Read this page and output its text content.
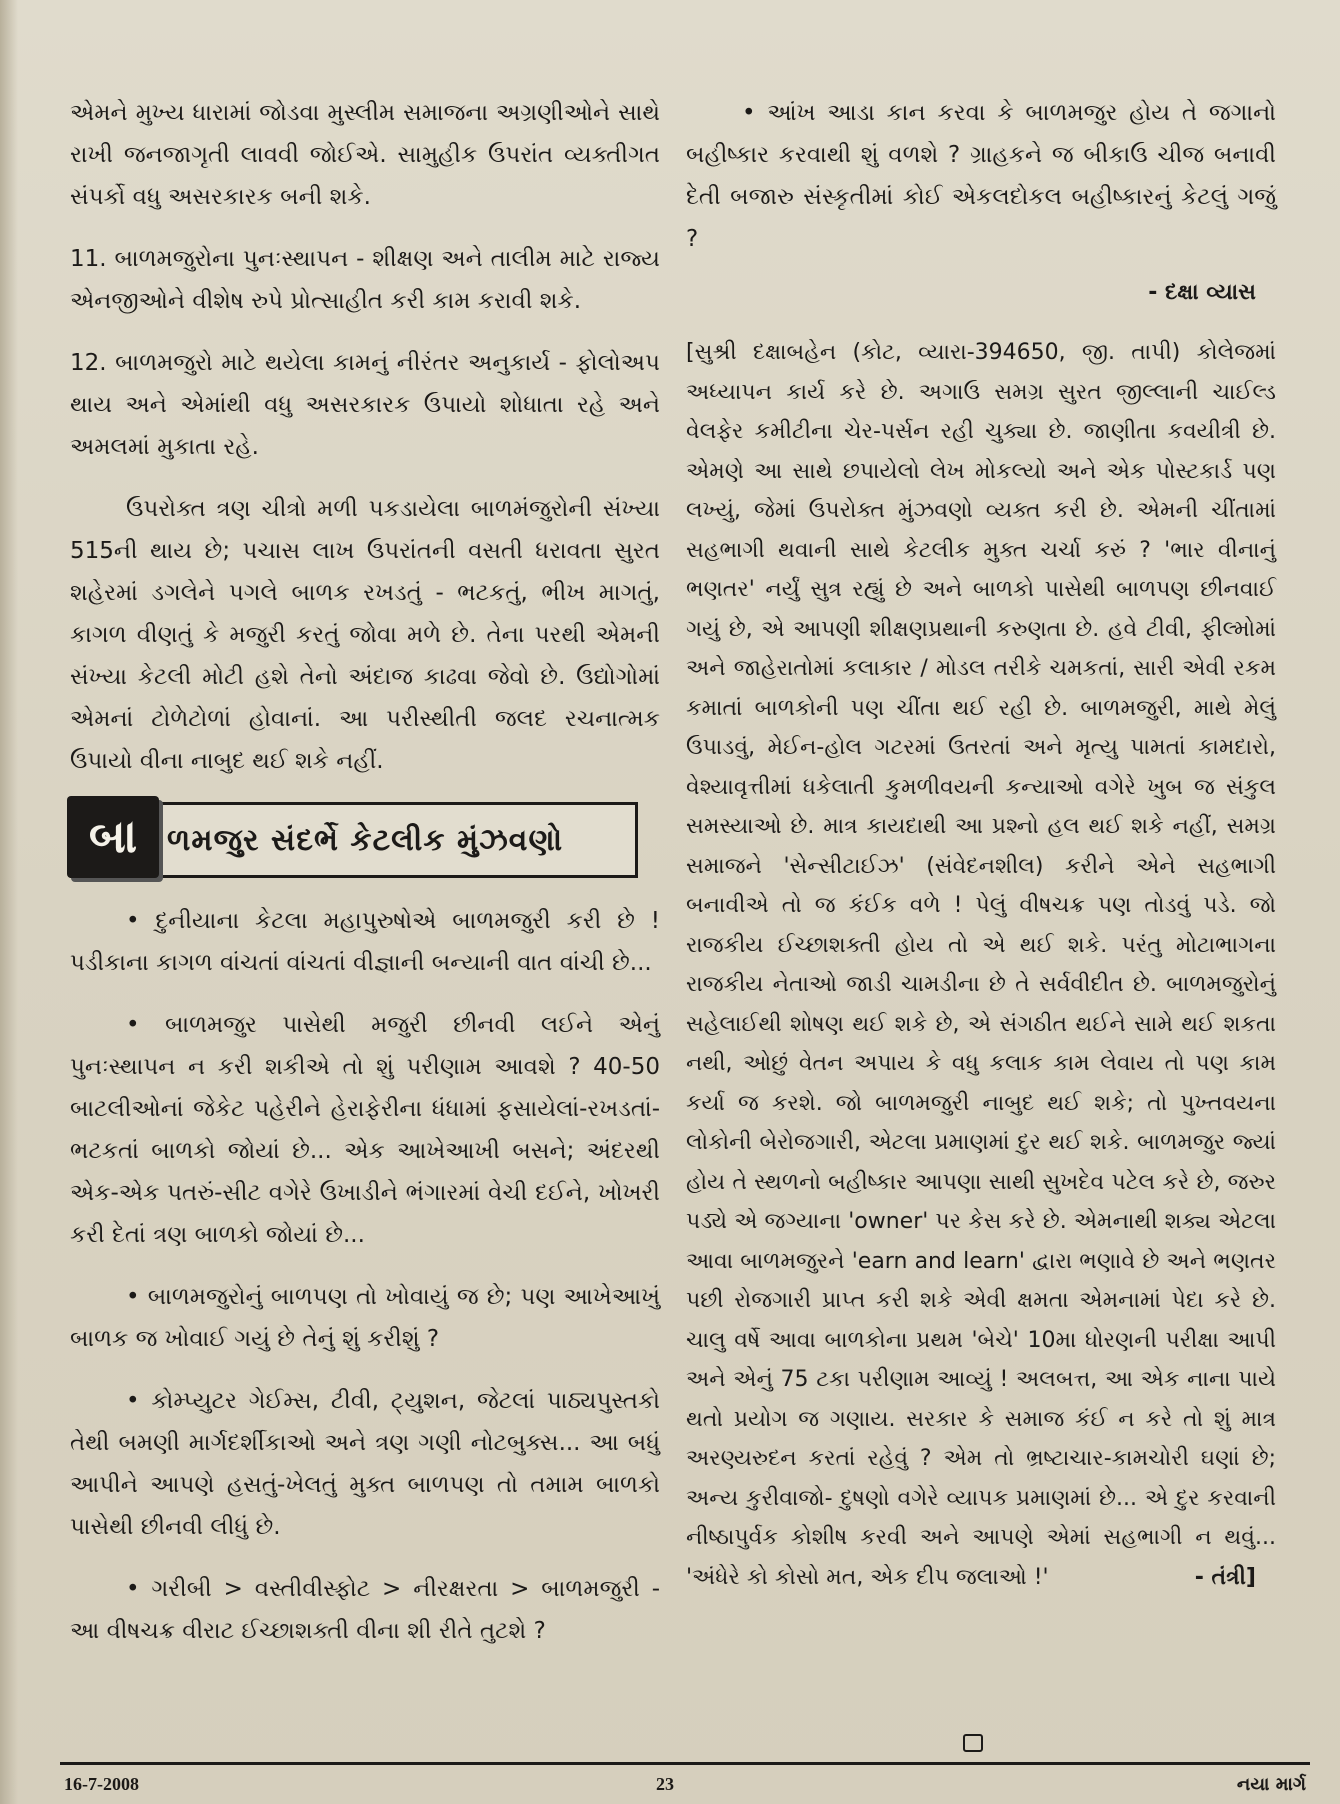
એમને મુખ્ય ધારામાં જોડવા મુસ્લીમ સમાજના અગ્રણીઓને સાથે રાખી જનજાગૃતી લાવવી જોઈએ. સામુહીક ઉપરાંત વ્યક્તીગત સંપર્કો વધુ અસરકારક બની શકે.

11. બાળમજુરોના પુનઃસ્થાપન - શીક્ષણ અને તાલીમ માટે રાજ્ય એનજીઓને વીશેષ રુપે પ્રોત્સાહીત કરી કામ કરાવી શકે.

12. બાળમજુરો માટે થયેલા કામનું નીરંતર અનુકાર્ય - ફોલોઅપ થાય અને એમાંથી વધુ અસરકારક ઉપાયો શોધાતા રહે અને અમલમાં મુકાતા રહે.

ઉપરોક્ત ત્રણ ચીત્રો મળી પકડાયેલા બાળમંજુરોની સંખ્યા 515ની થાય છે; પચાસ લાખ ઉપરાંતની વસતી ધરાવતા સુરત શહેરમાં ડગલેને પગલે બાળક રખડતું - ભટકતું, ભીખ માગતું, કાગળ વીણતું કે મજુરી કરતું જોવા મળે છે. તેના પરથી એમની સંખ્યા કેટલી મોટી હશે તેનો અંદાજ કાઢવા જેવો છે. ઉદ્યોગોમાં એમનાં ટોળેટોળાં હોવાનાં. આ પરીસ્થીતી જલદ રચનાત્મક ઉપાયો વીના નાબુદ થઈ શકે નહીં.

બા ળમજુર સંદર્ભે કેટલીક મુંઝવણો

• દુનીયાના કેટલા મહાપુરુષોએ બાળમજુરી કરી છે ! પડીકાના કાગળ વાંચતાં વાંચતાં વીજ્ઞાની બન્યાની વાત વાંચી છે...

• બાળમજુર પાસેથી મજુરી છીનવી લઈને એનું પુનઃસ્થાપન ન કરી શકીએ તો શું પરીણામ આવશે ? 40-50 બાટલીઓનાં જેકેટ પહેરીને હેરાફેરીના ધંધામાં ફસાયેલાં-રખડતાં-ભટકતાં બાળકો જોયાં છે... એક આખેઆખી બસને; અંદરથી એક-એક પતરું-સીટ વગેરે ઉખાડીને ભંગારમાં વેચી દઈને, ખોખરી કરી દેતાં ત્રણ બાળકો જોયાં છે...

• બાળમજુરોનું બાળપણ તો ખોવાયું જ છે; પણ આખેઆખું બાળક જ ખોવાઈ ગયું છે તેનું શું કરીશું ?

• કોમ્પ્યુટર ગેઈમ્સ, ટીવી, ટ્યુશન, જેટલાં પાઠ્યપુસ્તકો તેથી બમણી માર્ગદર્શીકાઓ અને ત્રણ ગણી નોટબુક્સ... આ બધું આપીને આપણે હસતું-ખેલતું મુક્ત બાળપણ તો તમામ બાળકો પાસેથી છીનવી લીધું છે.

• ગરીબી > વસ્તીવીસ્ફોટ > નીરક્ષરતા > બાળમજુરી - આ વીષચક્ર વીરાટ ઈચ્છાશક્તી વીના શી રીતે તુટશે ?

• આંખ આડા કાન કરવા કે બાળમજુર હોય તે જગાનો બહીષ્કાર કરવાથી શું વળશે ? ગ્રાહકને જ બીકાઉ ચીજ બનાવી દેતી બજારુ સંસ્કૃતીમાં કોઈ એકલદોકલ બહીષ્કારનું કેટલું ગજું ?

- દક્ષા વ્યાસ

[સુશ્રી દક્ષાબહેન (કોટ, વ્યારા-394650, જી. તાપી) કોલેજમાં અધ્યાપન કાર્ય કરે છે. અગાઉ સમગ્ર સુરત જીલ્લાની ચાઈલ્ડ વેલફેર કમીટીના ચેર-પર્સન રહી ચુક્યા છે. જાણીતા કવયીત્રી છે. એમણે આ સાથે છપાયેલો લેખ મોકલ્યો અને એક પોસ્ટકાર્ડ પણ લખ્યું, જેમાં ઉપરોક્ત મુંઝવણો વ્યક્ત કરી છે. એમની ચીંતામાં સહભાગી થવાની સાથે કેટલીક મુક્ત ચર્ચા કરું ? 'ભાર વીનાનું ભણતર' નર્યું સુત્ર રહ્યું છે અને બાળકો પાસેથી બાળપણ છીનવાઈ ગયું છે, એ આપણી શીક્ષણપ્રથાની કરુણતા છે. હવે ટીવી, ફીલ્મોમાં અને જાહેરાતોમાં કલાકાર / મોડલ તરીકે ચમકતાં, સારી એવી રકમ કમાતાં બાળકોની પણ ચીંતા થઈ રહી છે. બાળમજુરી, માથે મેલું ઉપાડવું, મેઈન-હોલ ગટરમાં ઉતરતાં અને મૃત્યુ પામતાં કામદારો, વેશ્યાવૃત્તીમાં ધકેલાતી કુમળીવયની કન્યાઓ વગેરે ખુબ જ સંકુલ સમસ્યાઓ છે. માત્ર કાયદાથી આ પ્રશ્નો હલ થઈ શકે નહીં, સમગ્ર સમાજને 'સેન્સીટાઈઝ' (સંવેદનશીલ) કરીને એને સહભાગી બનાવીએ તો જ કંઈક વળે ! પેલું વીષચક્ર પણ તોડવું પડે. જો રાજકીય ઈચ્છાશક્તી હોય તો એ થઈ શકે. પરંતુ મોટાભાગના રાજકીય નેતાઓ જાડી ચામડીના છે તે સર્વવીદીત છે. બાળમજુરોનું સહેલાઈથી શોષણ થઈ શકે છે, એ સંગઠીત થઈને સામે થઈ શકતા નથી, ઓછું વેતન અપાય કે વધુ કલાક કામ લેવાય તો પણ કામ કર્યા જ કરશે. જો બાળમજુરી નાબુદ થઈ શકે; તો પુખ્તવયના લોકોની બેરોજગારી, એટલા પ્રમાણમાં દુર થઈ શકે. બાળમજુર જ્યાં હોય તે સ્થળનો બહીષ્કાર આપણા સાથી સુખદેવ પટેલ કરે છે, જરુર પડ્યે એ જગ્યાના 'owner' પર કેસ કરે છે. એમનાથી શક્ય એટલા આવા બાળમજુરને 'earn and learn' દ્વારા ભણાવે છે અને ભણતર પછી રોજગારી પ્રાપ્ત કરી શકે એવી ક્ષમતા એમનામાં પેદા કરે છે. ચાલુ વર્ષે આવા બાળકોના પ્રથમ 'બેચે' 10મા ધોરણની પરીક્ષા આપી અને એનું 75 ટકા પરીણામ આવ્યું ! અલબત્ત, આ એક નાના પાયે થતો પ્રયોગ જ ગણાય. સરકાર કે સમાજ કંઈ ન કરે તો શું માત્ર અરણ્યરુદન કરતાં રહેવું ? એમ તો ભ્રષ્ટાચાર-કામચોરી ઘણાં છે; અન્ય કુરીવાજો- દુષણો વગેરે વ્યાપક પ્રમાણમાં છે... એ દુર કરવાની નીષ્ઠાપુર્વક કોશીષ કરવી અને આપણે એમાં સહભાગી ન થવું... 'અંધેરે કો કોસો મત, એક દીપ જલાઓ !'	- તંત્રી]
16-7-2008	23	નયા માર્ગ
